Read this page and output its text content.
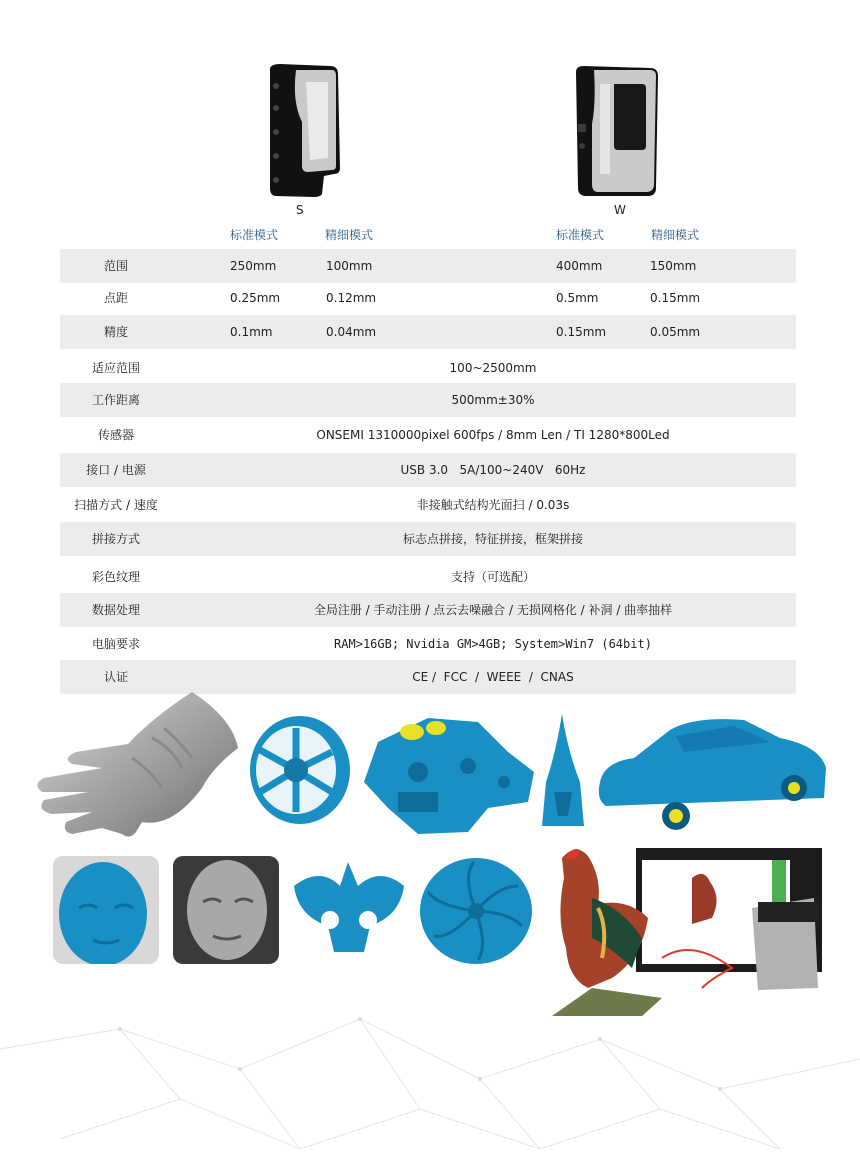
S	W
标准模式	精细模式	标准模式	精细模式
范围	250mm	100mm	400mm	150mm
点距	0.25mm	0.12mm	0.5mm	0.15mm
精度	0.1mm	0.04mm	0.15mm	0.05mm
适应范围	100~2500mm
工作距离	500mm±30%
传感器	ONSEMI 1310000pixel 600fps / 8mm Len / TI 1280*800Led
接口 / 电源	USB 3.0   5A/100~240V   60Hz
扫描方式 / 速度	非接触式结构光面扫 / 0.03s
拼接方式	标志点拼接，特征拼接，框架拼接
彩色纹理	支持（可选配）
数据处理	全局注册 / 手动注册 / 点云去噪融合 / 无损网格化 / 补洞 / 曲率抽样
电脑要求	RAM>16GB; Nvidia GM>4GB; System>Win7 (64bit)
认证	CE /  FCC  /  WEEE  /  CNAS
